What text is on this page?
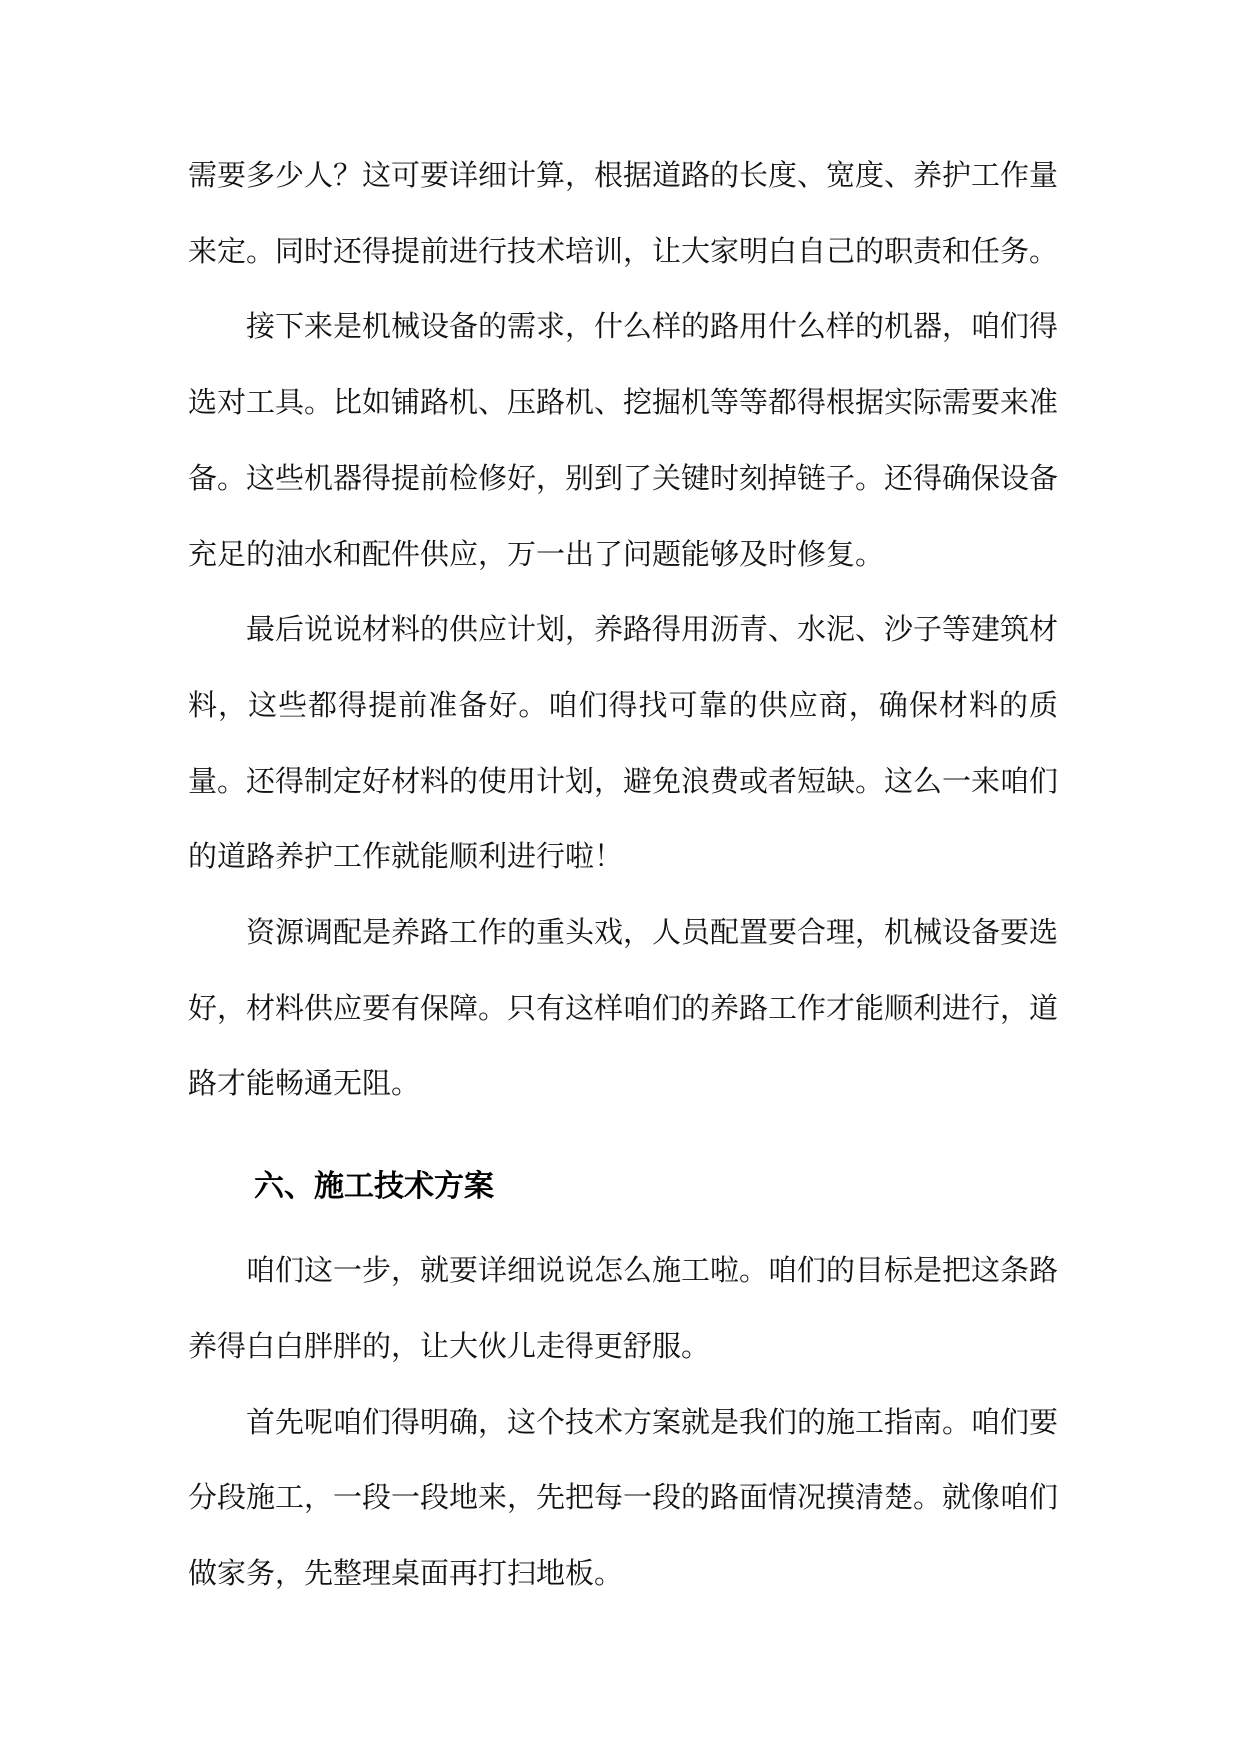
需要多少人？这可要详细计算，根据道路的长度、宽度、养护工作量来定。同时还得提前进行技术培训，让大家明白自己的职责和任务。

接下来是机械设备的需求，什么样的路用什么样的机器，咱们得选对工具。比如铺路机、压路机、挖掘机等等都得根据实际需要来准备。这些机器得提前检修好，别到了关键时刻掉链子。还得确保设备充足的油水和配件供应，万一出了问题能够及时修复。

最后说说材料的供应计划，养路得用沥青、水泥、沙子等建筑材料，这些都得提前准备好。咱们得找可靠的供应商，确保材料的质量。还得制定好材料的使用计划，避免浪费或者短缺。这么一来咱们的道路养护工作就能顺利进行啦！

资源调配是养路工作的重头戏，人员配置要合理，机械设备要选好，材料供应要有保障。只有这样咱们的养路工作才能顺利进行，道路才能畅通无阻。

六、施工技术方案

咱们这一步，就要详细说说怎么施工啦。咱们的目标是把这条路养得白白胖胖的，让大伙儿走得更舒服。

首先呢咱们得明确，这个技术方案就是我们的施工指南。咱们要分段施工，一段一段地来，先把每一段的路面情况摸清楚。就像咱们做家务，先整理桌面再打扫地板。
